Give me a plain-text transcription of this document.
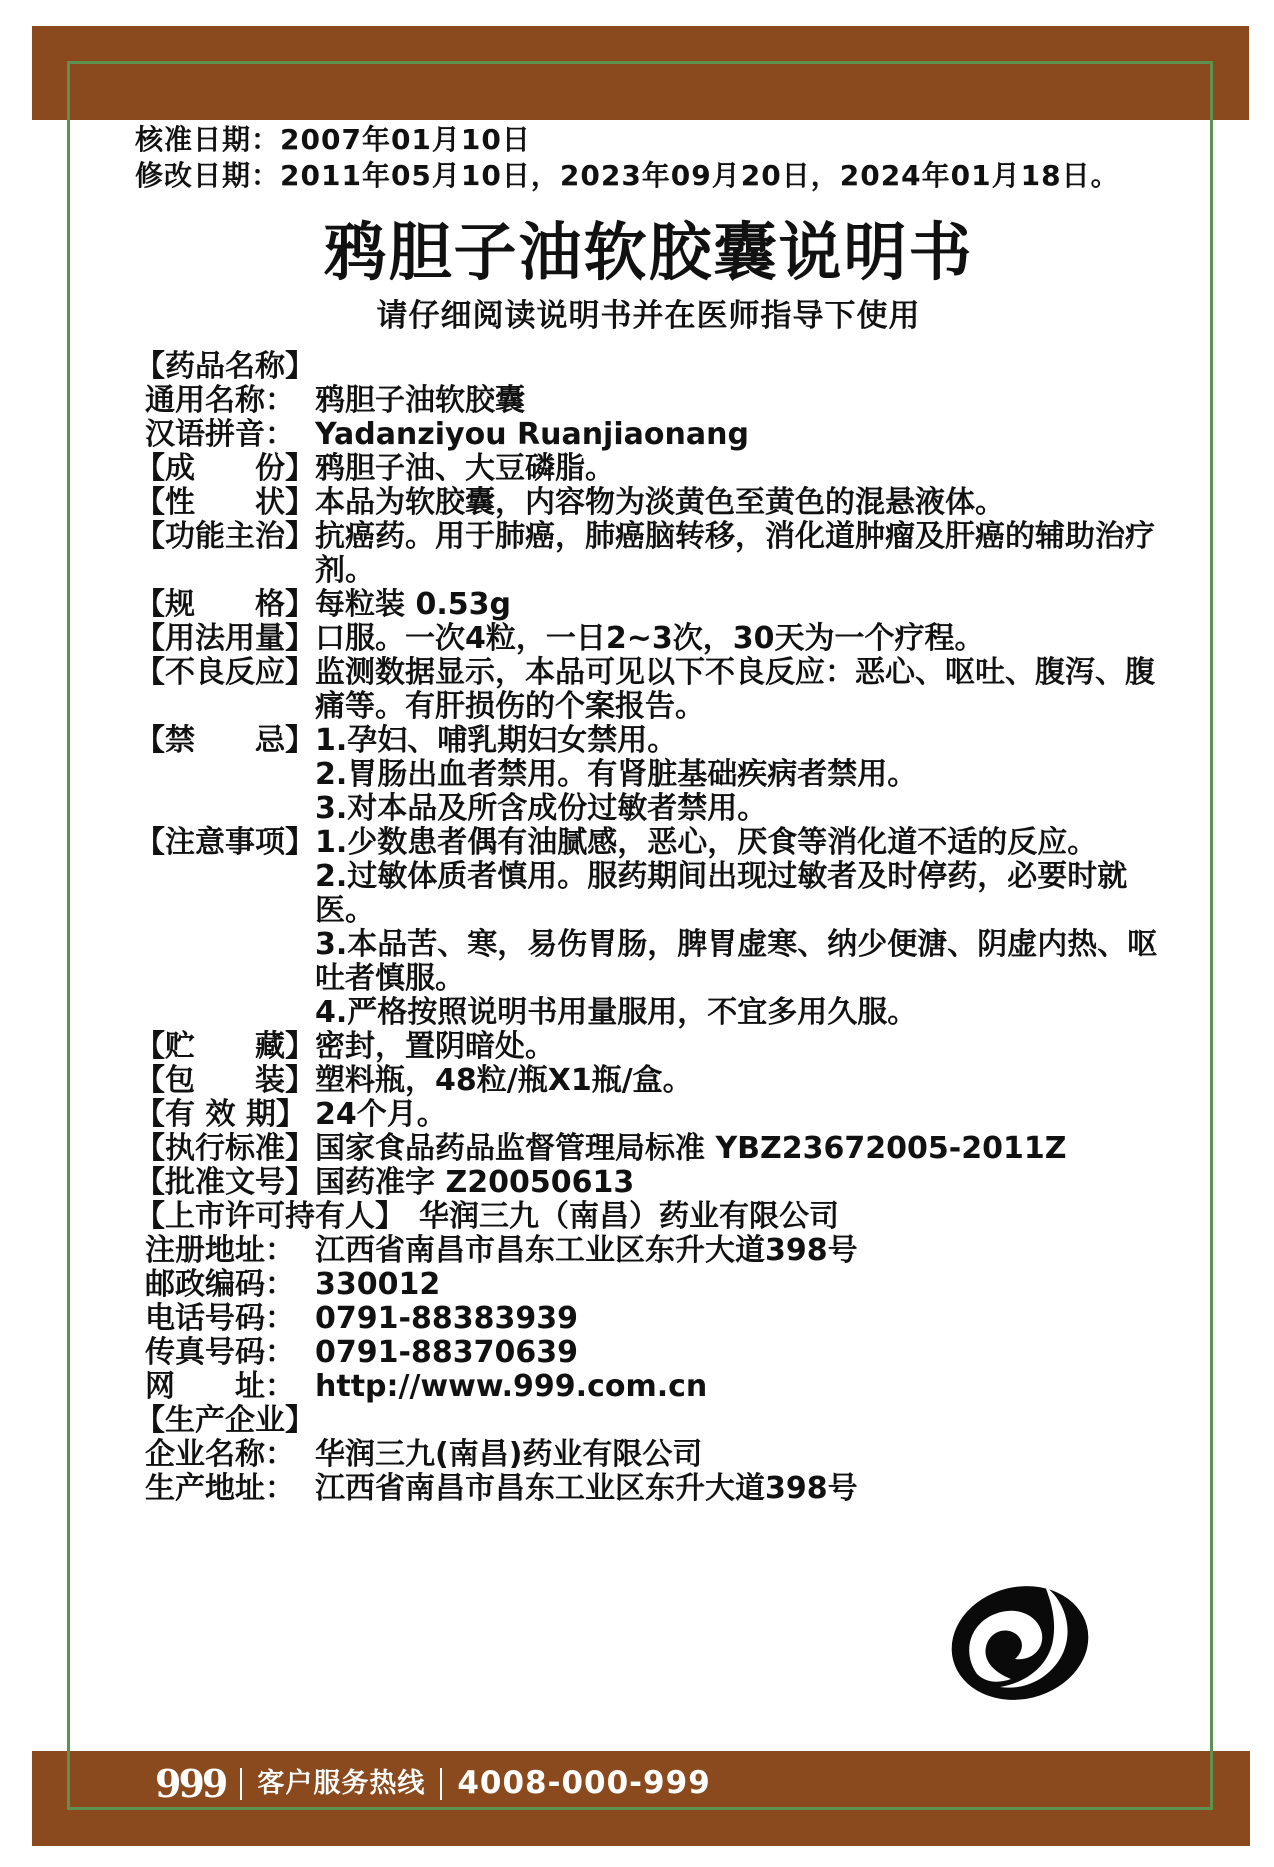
核准日期：2007年01月10日
修改日期：2011年05月10日，2023年09月20日，2024年01月18日。
鸦胆子油软胶囊说明书
请仔细阅读说明书并在医师指导下使用
【药品名称】
通用名称： 鸦胆子油软胶囊
汉语拼音： Yadanziyou Ruanjiaonang
【成　　份】 鸦胆子油、大豆磷脂。
【性　　状】 本品为软胶囊，内容物为淡黄色至黄色的混悬液体。
【功能主治】 抗癌药。用于肺癌，肺癌脑转移，消化道肿瘤及肝癌的辅助治疗剂。
【规　　格】 每粒装 0.53g
【用法用量】 口服。一次4粒，一日2~3次，30天为一个疗程。
【不良反应】 监测数据显示，本品可见以下不良反应：恶心、呕吐、腹泻、腹痛等。有肝损伤的个案报告。
【禁　　忌】 1.孕妇、哺乳期妇女禁用。
2.胃肠出血者禁用。有肾脏基础疾病者禁用。
3.对本品及所含成份过敏者禁用。
【注意事项】 1.少数患者偶有油腻感，恶心，厌食等消化道不适的反应。
2.过敏体质者慎用。服药期间出现过敏者及时停药，必要时就医。
3.本品苦、寒，易伤胃肠，脾胃虚寒、纳少便溏、阴虚内热、呕吐者慎服。
4.严格按照说明书用量服用，不宜多用久服。
【贮　　藏】 密封，置阴暗处。
【包　　装】 塑料瓶，48粒/瓶X1瓶/盒。
【有 效 期】 24个月。
【执行标准】 国家食品药品监督管理局标准 YBZ23672005-2011Z
【批准文号】 国药准字 Z20050613
【上市许可持有人】 华润三九（南昌）药业有限公司
注册地址： 江西省南昌市昌东工业区东升大道398号
邮政编码： 330012
电话号码： 0791-88383939
传真号码： 0791-88370639
网　　址： http://www.999.com.cn
【生产企业】
企业名称： 华润三九(南昌)药业有限公司
生产地址： 江西省南昌市昌东工业区东升大道398号
999 客户服务热线 4008-000-999
